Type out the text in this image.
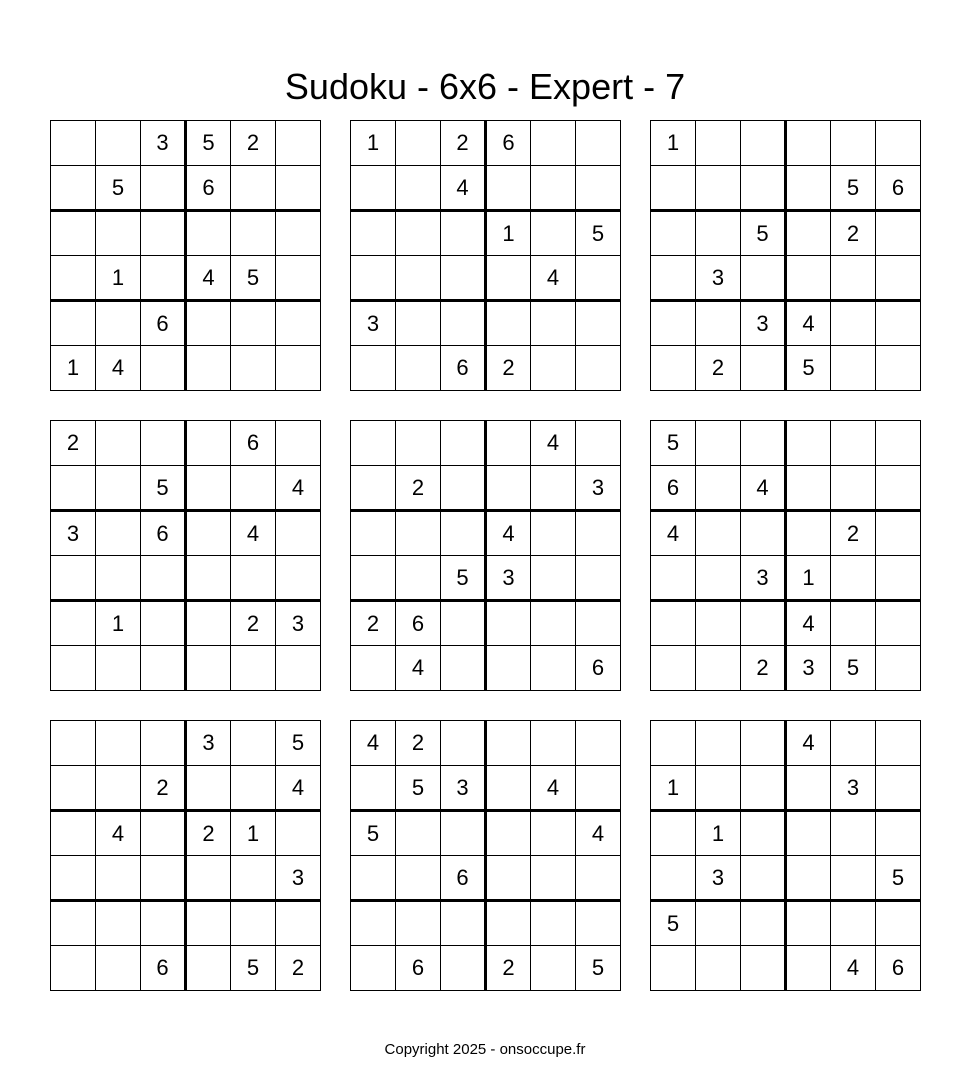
Sudoku - 6x6 - Expert - 7
		3	5	2	
	5		6		

	1		4	5	
		6			
1	4				
1		2	6		
		4			
			1		5
				4	
3					
		6	2		
1					
				5	6
		5		2	
	3				
		3	4		
	2		5		
2				6	
		5			4
3		6		4	

	1			2	3

				4	
	2				3
			4		
		5	3		
2	6				
	4				6
5					
6		4			
4				2	
		3	1		
			4		
		2	3	5	
			3		5
		2			4
	4		2	1	
					3

		6		5	2
4	2				
	5	3		4	
5					4
		6			

	6		2		5
			4		
1				3	
	1				
	3				5
5					
				4	6
Copyright 2025 - onsoccupe.fr
